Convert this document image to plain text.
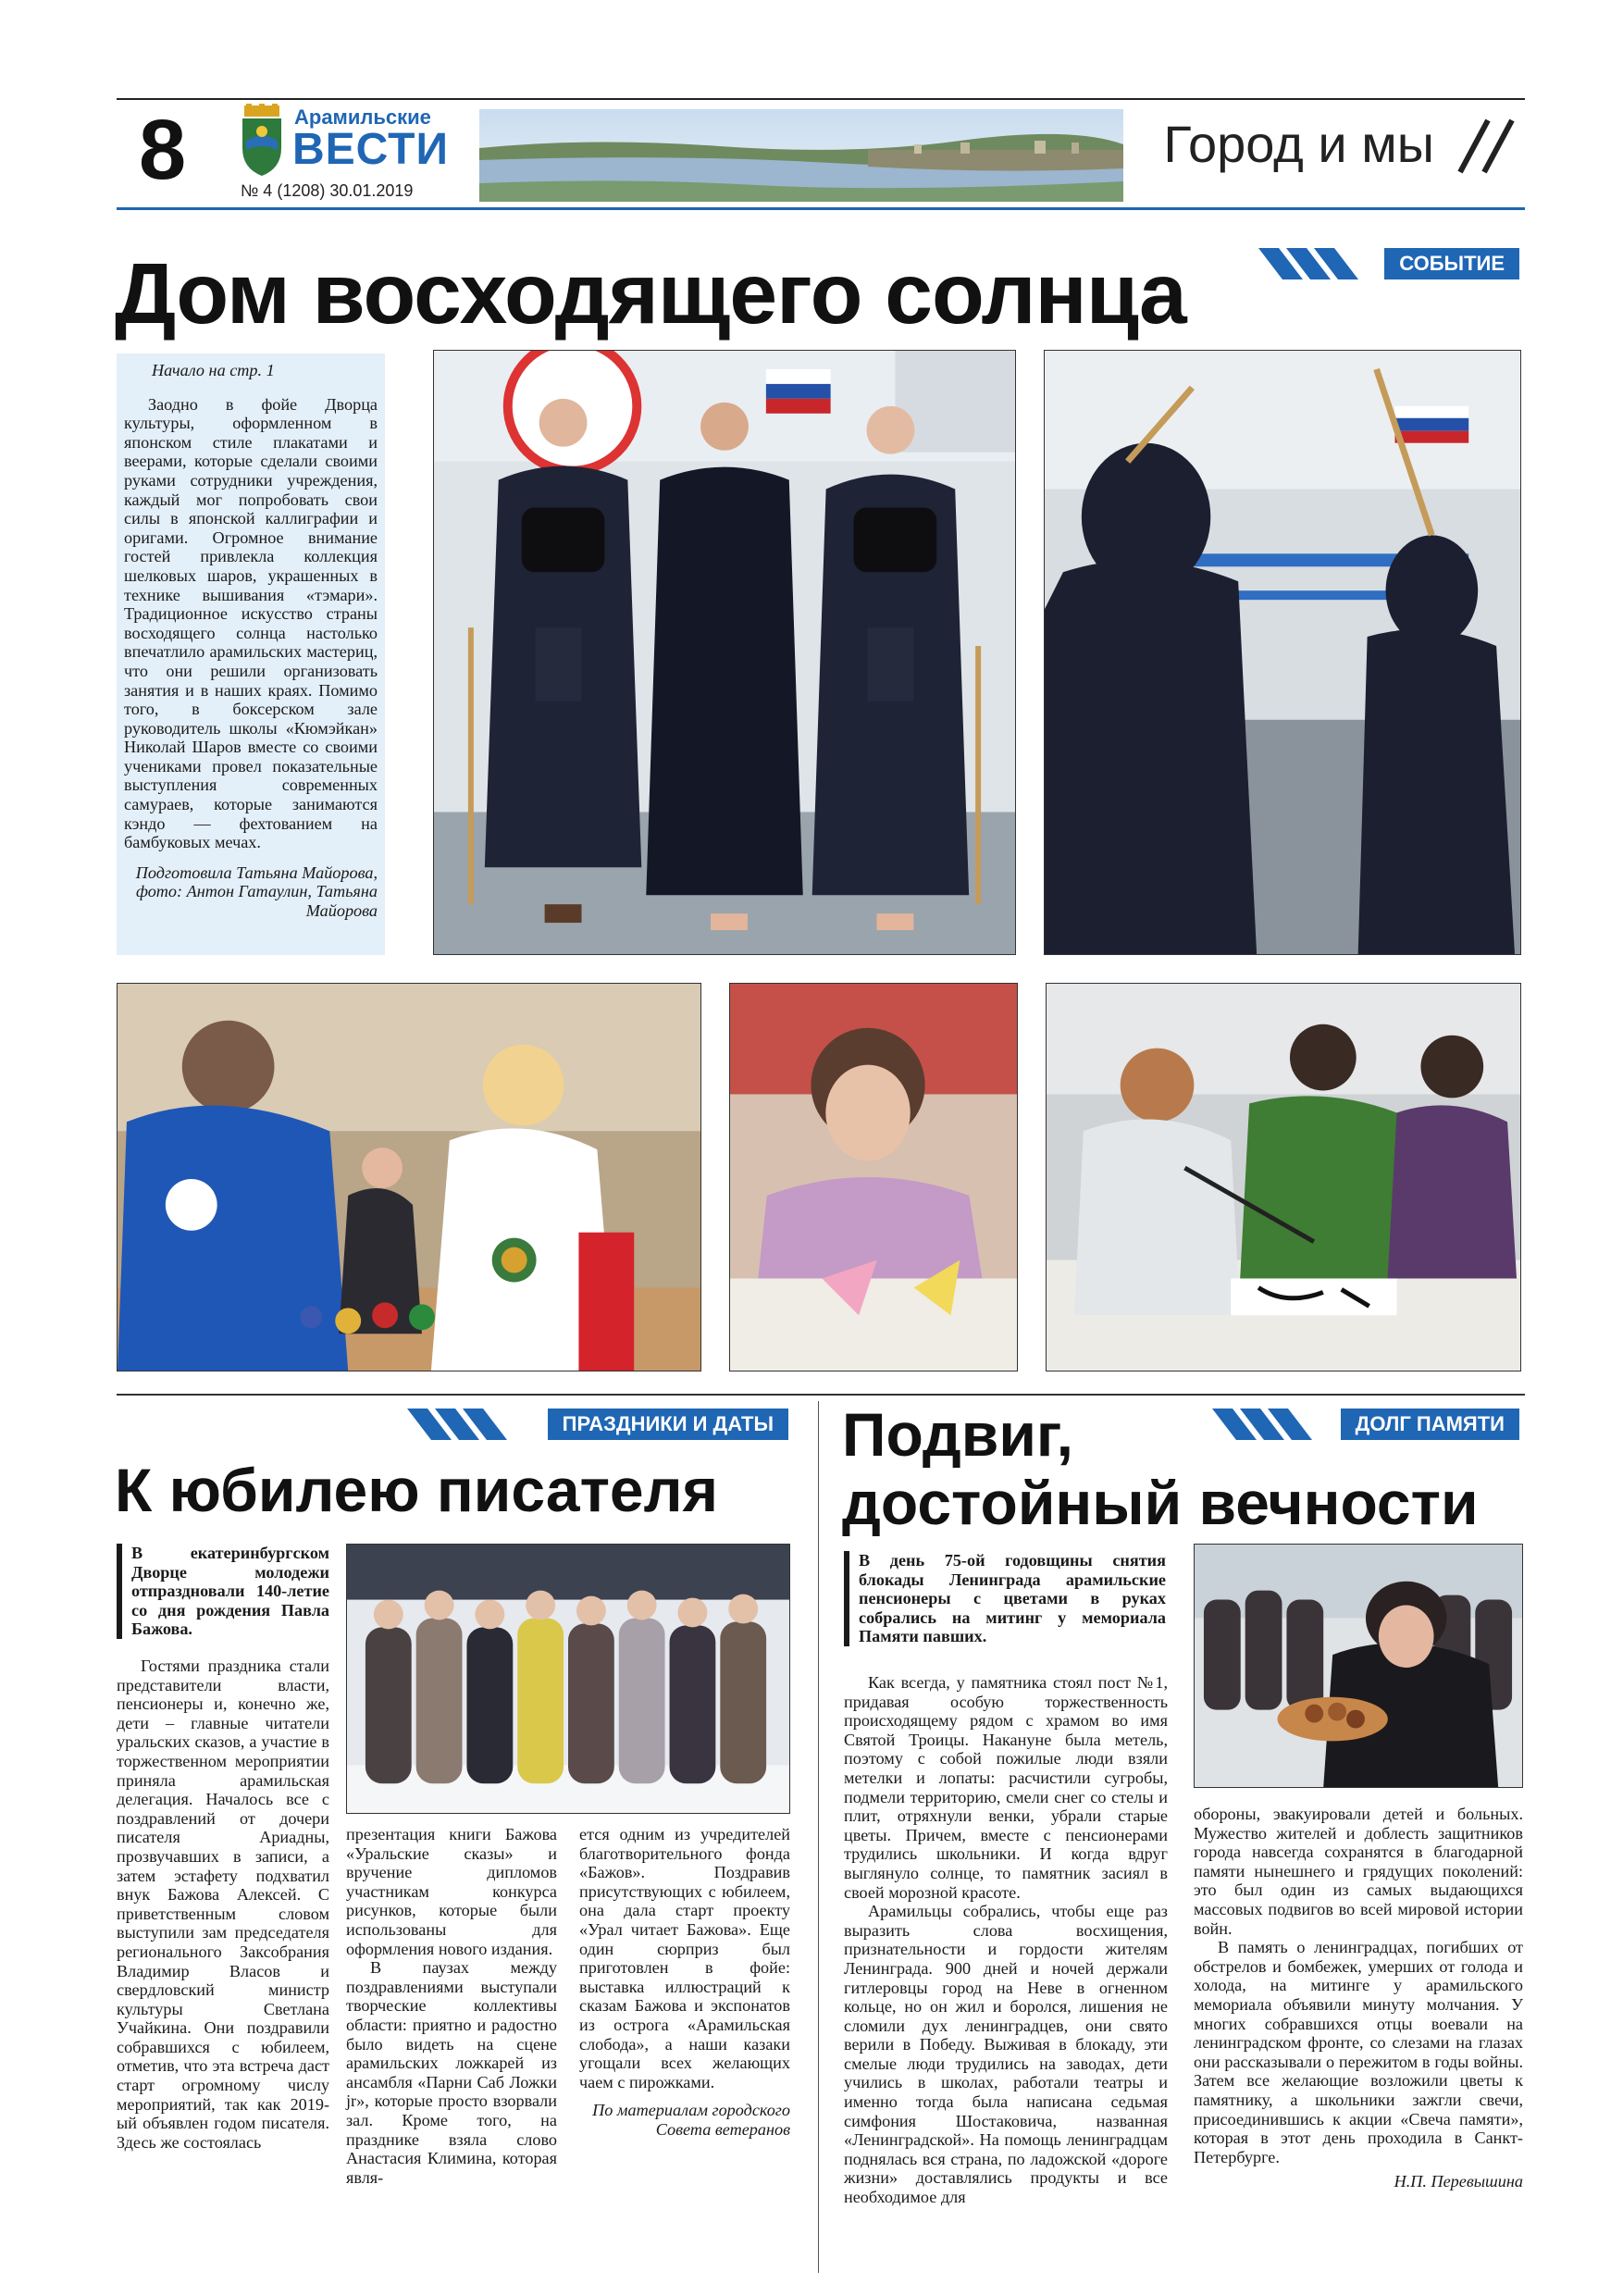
8	Арамильские
ВЕСТИ
№ 4 (1208) 30.01.2019
Город и мы
СОБЫТИЕ
Дом восходящего солнца
Начало на стр. 1

Заодно в фойе Дворца культуры, оформленном в японском стиле плакатами и веерами, которые сделали своими руками сотрудники учреждения, каждый мог попробовать свои силы в японской каллиграфии и оригами. Огромное внимание гостей привлекла коллекция шелковых шаров, украшенных в технике вышивания «тэмари». Традиционное искусство страны восходящего солнца настолько впечатлило арамильских мастериц, что они решили организовать занятия и в наших краях. Помимо того, в боксерском зале руководитель школы «Кюмэйкан» Николай Шаров вместе со своими учениками провел показательные выступления современных самураев, которые занимаются кэндо — фехтованием на бамбуковых мечах.

Подготовила Татьяна Майорова, фото: Антон Гатаулин, Татьяна Майорова
ПРАЗДНИКИ И ДАТЫ
К юбилею писателя
В екатеринбургском Дворце молодежи отпраздновали 140-летие со дня рождения Павла Бажова.

Гостями праздника стали представители власти, пенсионеры и, конечно же, дети – главные читатели уральских сказов, а участие в торжественном мероприятии приняла арамильская делегация. Началось все с поздравлений от дочери писателя Ариадны, прозвучавших в записи, а затем эстафету подхватил внук Бажова Алексей. С приветственным словом выступили зам председателя регионального Заксобрания Владимир Власов и свердловский министр культуры Светлана Учайкина. Они поздравили собравшихся с юбилеем, отметив, что эта встреча даст старт огромному числу мероприятий, так как 2019-ый объявлен годом писателя. Здесь же состоялась

презентация книги Бажова «Уральские сказы» и вручение дипломов участникам конкурса рисунков, которые были использованы для оформления нового издания.

В паузах между поздравлениями выступали творческие коллективы области: приятно и радостно было видеть на сцене арамильских ложкарей из ансамбля «Парни Саб Ложки jr», которые просто взорвали зал. Кроме того, на празднике взяла слово Анастасия Климина, которая явля-

ется одним из учредителей благотворительного фонда «Бажов». Поздравив присутствующих с юбилеем, она дала старт проекту «Урал читает Бажова». Еще один сюрприз был приготовлен в фойе: выставка иллюстраций к сказам Бажова и экспонатов из острога «Арамильская слобода», а наши казаки угощали всех желающих чаем с пирожками.

По материалам городского Совета ветеранов

ДОЛГ ПАМЯТИ
Подвиг,
достойный вечности
В день 75-ой годовщины снятия блокады Ленинграда арамильские пенсионеры с цветами в руках собрались на митинг у мемориала Памяти павших.

Как всегда, у памятника стоял пост №1, придавая особую торжественность происходящему рядом с храмом во имя Святой Троицы. Накануне была метель, поэтому с собой пожилые люди взяли метелки и лопаты: расчистили сугробы, подмели территорию, смели снег со стелы и плит, отряхнули венки, убрали старые цветы. Причем, вместе с пенсионерами трудились школьники. И когда вдруг выглянуло солнце, то памятник засиял в своей морозной красоте.

Арамильцы собрались, чтобы еще раз выразить слова восхищения, признательности и гордости жителям Ленинграда. 900 дней и ночей держали гитлеровцы город на Неве в огненном кольце, но он жил и боролся, лишения не сломили дух ленинградцев, они свято верили в Победу. Выживая в блокаду, эти смелые люди трудились на заводах, дети учились в школах, работали театры и именно тогда была написана седьмая симфония Шостаковича, названная «Ленинградской». На помощь ленинградцам поднялась вся страна, по ладожской «дороге жизни» доставлялись продукты и все необходимое для

обороны, эвакуировали детей и больных. Мужество жителей и доблесть защитников города навсегда сохранятся в благодарной памяти нынешнего и грядущих поколений: это был один из самых выдающихся массовых подвигов во всей мировой истории войн.

В память о ленинградцах, погибших от обстрелов и бомбежек, умерших от голода и холода, на митинге у арамильского мемориала объявили минуту молчания. У многих собравшихся отцы воевали на ленинградском фронте, со слезами на глазах они рассказывали о пережитом в годы войны. Затем все желающие возложили цветы к памятнику, а школьники зажгли свечи, присоединившись к акции «Свеча памяти», которая в этот день проходила в Санкт-Петербурге.

Н.П. Перевышина
